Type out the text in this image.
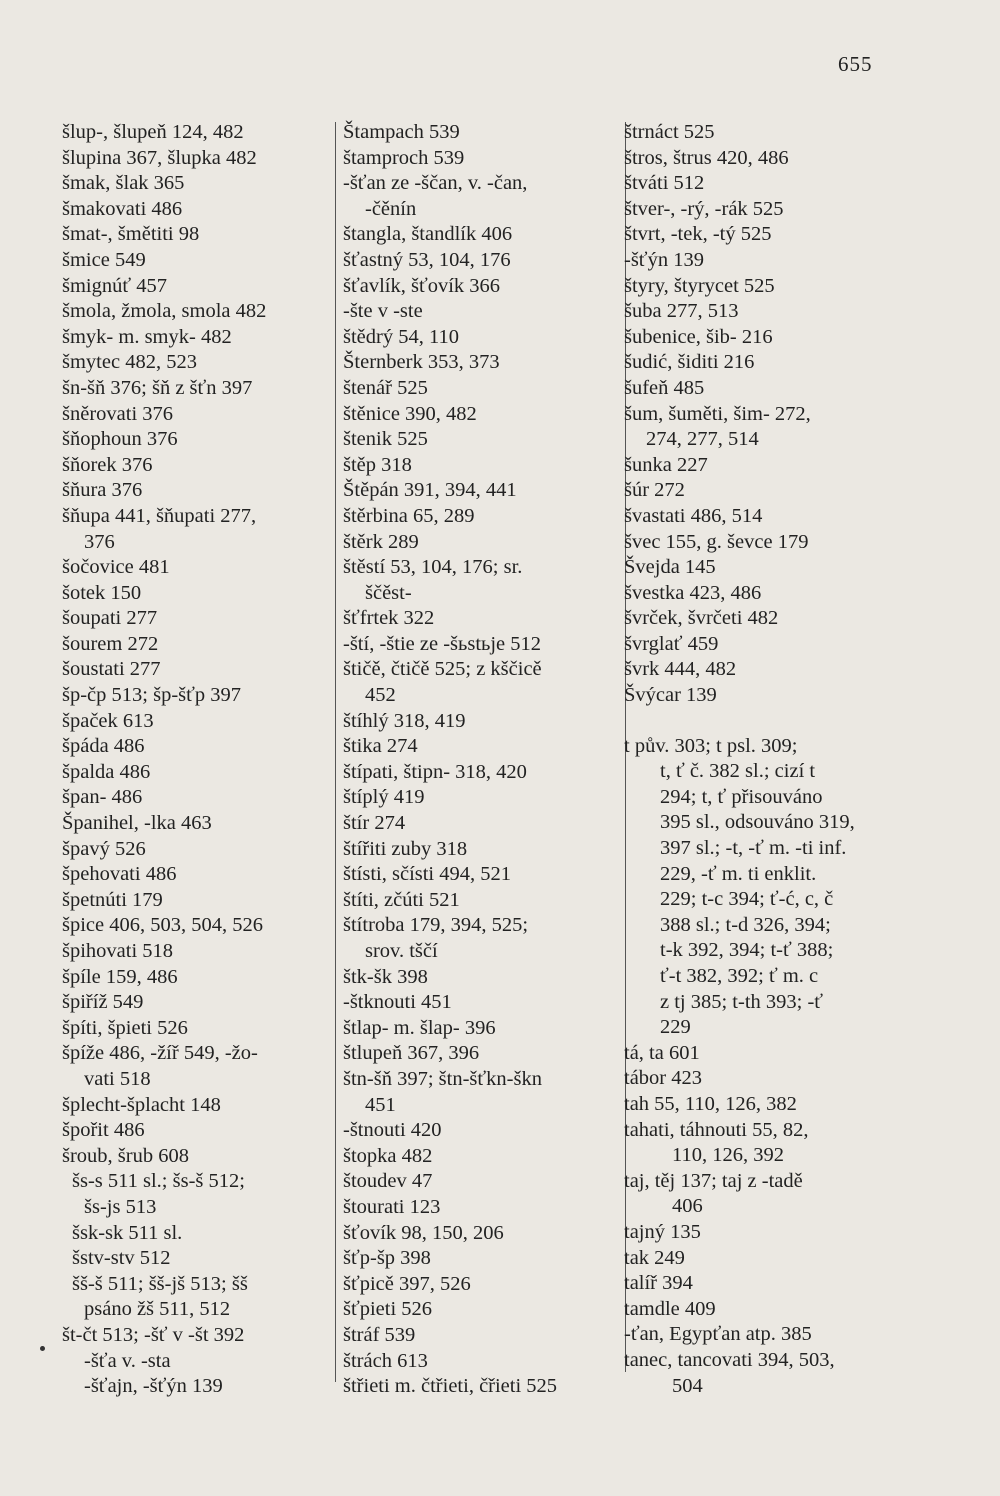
655
šlup-, šlupeň 124, 482
šlupina 367, šlupka 482
šmak, šlak 365
šmakovati 486
šmat-, šmětiti 98
šmice 549
šmignúť 457
šmola, žmola, smola 482
šmyk- m. smyk- 482
šmytec 482, 523
šn-šň 376; šň z šťn 397
šněrovati 376
šňophoun 376
šňorek 376
šňura 376
šňupa 441, šňupati 277,
376
šočovice 481
šotek 150
šoupati 277
šourem 272
šoustati 277
šp-čp 513; šp-šťp 397
špaček 613
špáda 486
špalda 486
špan- 486
Španihel, -lka 463
špavý 526
špehovati 486
špetnúti 179
špice 406, 503, 504, 526
špihovati 518
špíle 159, 486
špiříž 549
špíti, špieti 526
špíže 486, -žíř 549, -žo-
vati 518
šplecht-šplacht 148
špořit 486
šroub, šrub 608
šs-s 511 sl.; šs-š 512;
šs-js 513
šsk-sk 511 sl.
šstv-stv 512
šš-š 511; šš-jš 513; šš
psáno žš 511, 512
št-čt 513; -šť v -št 392
-šťa v. -sta
-šťajn, -šťýn 139
Štampach 539
štamproch 539
-šťan ze -ščan, v. -čan,
-čěnín
štangla, štandlík 406
šťastný 53, 104, 176
šťavlík, šťovík 366
-šte v -ste
štědrý 54, 110
Šternberk 353, 373
štenář 525
štěnice 390, 482
štenik 525
štěp 318
Štěpán 391, 394, 441
štěrbina 65, 289
štěrk 289
štěstí 53, 104, 176; sr.
ščěst-
šťfrtek 322
-ští, -štie ze -šьstьje 512
štičě, čtičě 525; z kščicě
452
štíhlý 318, 419
štika 274
štípati, štipn- 318, 420
štíplý 419
štír 274
štířiti zuby 318
štísti, sčísti 494, 521
štíti, zčúti 521
štítroba 179, 394, 525;
srov. tščí
štk-šk 398
-štknouti 451
štlap- m. šlap- 396
štlupeň 367, 396
štn-šň 397; štn-šťkn-škn
451
-štnouti 420
štopka 482
štoudev 47
štourati 123
šťovík 98, 150, 206
šťp-šp 398
šťpicě 397, 526
šťpieti 526
štráf 539
štrách 613
štřieti m. čtřieti, čřieti 525
štrnáct 525
štros, štrus 420, 486
štváti 512
štver-, -rý, -rák 525
štvrt, -tek, -tý 525
-šťýn 139
štyry, štyrycet 525
šuba 277, 513
šubenice, šib- 216
šudić, šiditi 216
šufeň 485
šum, šuměti, šim- 272,
274, 277, 514
šunka 227
šúr 272
švastati 486, 514
švec 155, g. ševce 179
Švejda 145
švestka 423, 486
švrček, švrčeti 482
švrglať 459
švrk 444, 482
Švýcar 139
t pův. 303; t psl. 309;
t, ť č. 382 sl.; cizí t
294; t, ť přisouváno
395 sl., odsouváno 319,
397 sl.; -t, -ť m. -ti inf.
229, -ť m. ti enklit.
229; t-c 394; ť-ć, c, č
388 sl.; t-d 326, 394;
t-k 392, 394; t-ť 388;
ť-t 382, 392; ť m. c
z tj 385; t-th 393; -ť
229
tá, ta 601
tábor 423
tah 55, 110, 126, 382
tahati, táhnouti 55, 82,
110, 126, 392
taj, těj 137; taj z -tadě
406
tajný 135
tak 249
talíř 394
tamdle 409
-ťan, Egypťan atp. 385
tanec, tancovati 394, 503,
504
